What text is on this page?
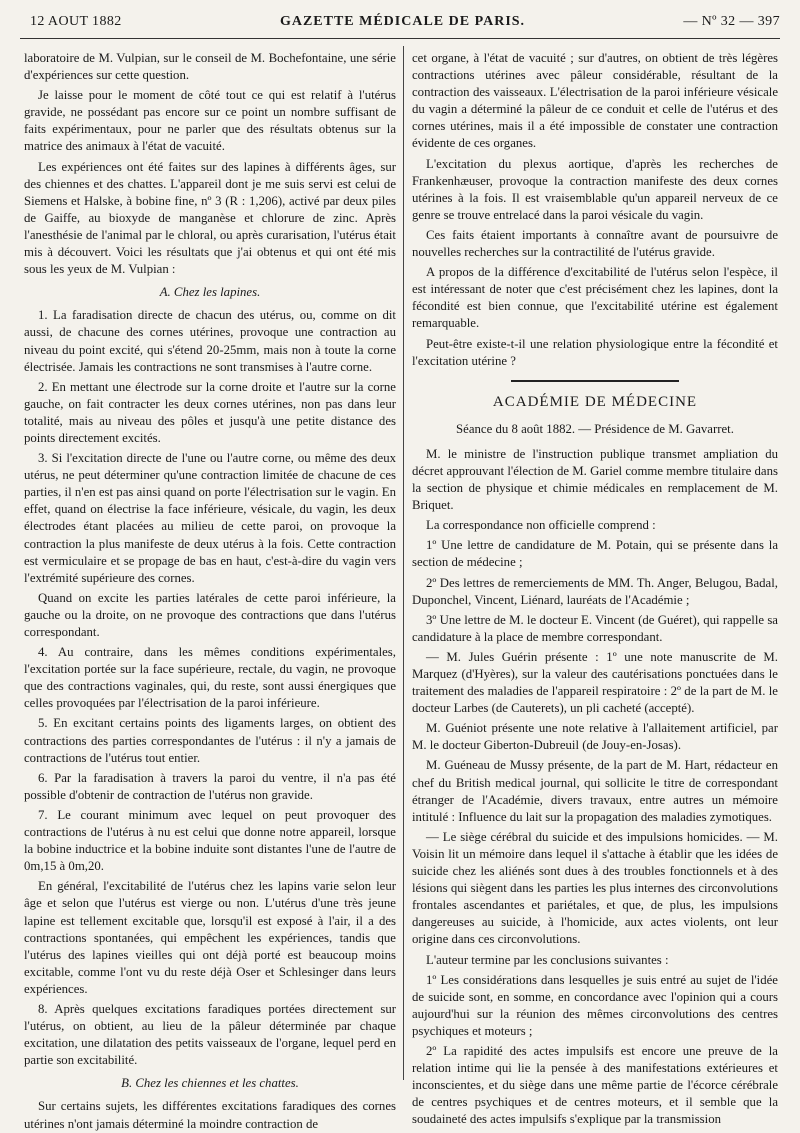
12 AOUT 1882	GAZETTE MÉDICALE DE PARIS.	— Nº 32 — 397

laboratoire de M. Vulpian, sur le conseil de M. Bochefontaine, une série d'expériences sur cette question.

Je laisse pour le moment de côté tout ce qui est relatif à l'utérus gravide, ne possédant pas encore sur ce point un nombre suffisant de faits expérimentaux, pour ne parler que des résultats obtenus sur la matrice des animaux à l'état de vacuité.

Les expériences ont été faites sur des lapines à différents âges, sur des chiennes et des chattes. L'appareil dont je me suis servi est celui de Siemens et Halske, à bobine fine, nº 3 (R : 1,206), activé par deux piles de Gaiffe, au bioxyde de manganèse et chlorure de zinc. Après l'anesthésie de l'animal par le chloral, ou après curarisation, l'utérus était mis à découvert. Voici les résultats que j'ai obtenus et qui ont été mis sous les yeux de M. Vulpian :

A. Chez les lapines.

1. La faradisation directe de chacun des utérus, ou, comme on dit aussi, de chacune des cornes utérines, provoque une contraction au niveau du point excité, qui s'étend 20-25mm, mais non à toute la corne électrisée. Jamais les contractions ne sont transmises à l'autre corne.

2. En mettant une électrode sur la corne droite et l'autre sur la corne gauche, on fait contracter les deux cornes utérines, non pas dans leur totalité, mais au niveau des pôles et jusqu'à une petite distance des points directement excités.

3. Si l'excitation directe de l'une ou l'autre corne, ou même des deux utérus, ne peut déterminer qu'une contraction limitée de chacune de ces parties, il n'en est pas ainsi quand on porte l'électrisation sur le vagin. En effet, quand on électrise la face inférieure, vésicale, du vagin, les deux électrodes étant placées au milieu de cette paroi, on provoque la contraction la plus manifeste de deux utérus à la fois. Cette contraction est vermiculaire et se propage de bas en haut, c'est-à-dire du vagin vers l'extrémité supérieure des cornes.

Quand on excite les parties latérales de cette paroi inférieure, la gauche ou la droite, on ne provoque des contractions que dans l'utérus correspondant.

4. Au contraire, dans les mêmes conditions expérimentales, l'excitation portée sur la face supérieure, rectale, du vagin, ne provoque que des contractions vaginales, qui, du reste, sont aussi énergiques que celles provoquées par l'électrisation de la paroi inférieure.

5. En excitant certains points des ligaments larges, on obtient des contractions des parties correspondantes de l'utérus : il n'y a jamais de contractions de l'utérus tout entier.

6. Par la faradisation à travers la paroi du ventre, il n'a pas été possible d'obtenir de contraction de l'utérus non gravide.

7. Le courant minimum avec lequel on peut provoquer des contractions de l'utérus à nu est celui que donne notre appareil, lorsque la bobine inductrice et la bobine induite sont distantes l'une de l'autre de 0m,15 à 0m,20.

En général, l'excitabilité de l'utérus chez les lapins varie selon leur âge et selon que l'utérus est vierge ou non. L'utérus d'une très jeune lapine est tellement excitable que, lorsqu'il est exposé à l'air, il a des contractions spontanées, qui empêchent les expériences, tandis que l'utérus des lapines vieilles qui ont déjà porté est beaucoup moins excitable, comme l'ont vu du reste déjà Oser et Schlesinger dans leurs expériences.

8. Après quelques excitations faradiques portées directement sur l'utérus, on obtient, au lieu de la pâleur déterminée par chaque excitation, une dilatation des petits vaisseaux de l'organe, lequel perd en partie son excitabilité.

B. Chez les chiennes et les chattes.

Sur certains sujets, les différentes excitations faradiques des cornes utérines n'ont jamais déterminé la moindre contraction de

cet organe, à l'état de vacuité ; sur d'autres, on obtient de très légères contractions utérines avec pâleur considérable, résultant de la contraction des vaisseaux. L'électrisation de la paroi inférieure vésicale du vagin a déterminé la pâleur de ce conduit et celle de l'utérus et des cornes utérines, mais il a été impossible de constater une contraction évidente de ces organes.

L'excitation du plexus aortique, d'après les recherches de Frankenhæuser, provoque la contraction manifeste des deux cornes utérines à la fois. Il est vraisemblable qu'un appareil nerveux de ce genre se trouve entrelacé dans la paroi vésicale du vagin.

Ces faits étaient importants à connaître avant de poursuivre de nouvelles recherches sur la contractilité de l'utérus gravide.

A propos de la différence d'excitabilité de l'utérus selon l'espèce, il est intéressant de noter que c'est précisément chez les lapines, dont la fécondité est bien connue, que l'excitabilité utérine est également remarquable.

Peut-être existe-t-il une relation physiologique entre la fécondité et l'excitation utérine ?

ACADÉMIE DE MÉDECINE

Séance du 8 août 1882. — Présidence de M. Gavarret.

M. le ministre de l'instruction publique transmet ampliation du décret approuvant l'élection de M. Gariel comme membre titulaire dans la section de physique et chimie médicales en remplacement de M. Briquet.

La correspondance non officielle comprend :

1º Une lettre de candidature de M. Potain, qui se présente dans la section de médecine ;

2º Des lettres de remerciements de MM. Th. Anger, Belugou, Badal, Duponchel, Vincent, Liénard, lauréats de l'Académie ;

3º Une lettre de M. le docteur E. Vincent (de Guéret), qui rappelle sa candidature à la place de membre correspondant.

— M. Jules Guérin présente : 1º une note manuscrite de M. Marquez (d'Hyères), sur la valeur des cautérisations ponctuées dans le traitement des maladies de l'appareil respiratoire : 2º de la part de M. le docteur Larbes (de Cauterets), un pli cacheté (accepté).

M. Guéniot présente une note relative à l'allaitement artificiel, par M. le docteur Giberton-Dubreuil (de Jouy-en-Josas).

M. Guéneau de Mussy présente, de la part de M. Hart, rédacteur en chef du British medical journal, qui sollicite le titre de correspondant étranger de l'Académie, divers travaux, entre autres un mémoire intitulé : Influence du lait sur la propagation des maladies zymotiques.

— Le siège cérébral du suicide et des impulsions homicides. — M. Voisin lit un mémoire dans lequel il s'attache à établir que les idées de suicide chez les aliénés sont dues à des troubles fonctionnels et à des lésions qui siègent dans les parties les plus internes des circonvolutions frontales ascendantes et pariétales, et que, de plus, les impulsions dangereuses au suicide, à l'homicide, aux actes violents, ont leur origine dans ces circonvolutions.

L'auteur termine par les conclusions suivantes :

1º Les considérations dans lesquelles je suis entré au sujet de l'idée de suicide sont, en somme, en concordance avec l'opinion qui a cours aujourd'hui sur la réunion des mêmes circonvolutions des centres psychiques et moteurs ;

2º La rapidité des actes impulsifs est encore une preuve de la relation intime qui lie la pensée à des manifestations extérieures et inconscientes, et du siège dans une même partie de l'écorce cérébrale de centres psychiques et de centres moteurs, et il semble que la soudaineté des actes impulsifs s'explique par la transmission
